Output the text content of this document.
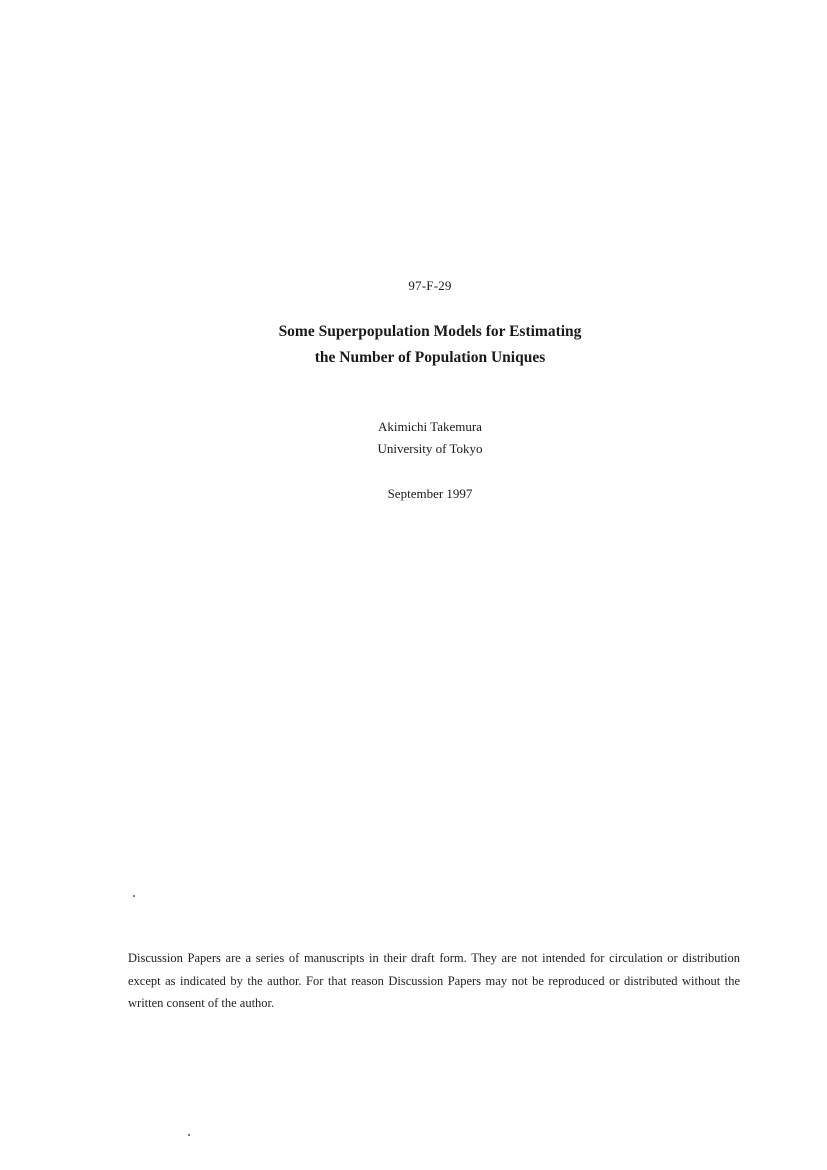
97-F-29
Some Superpopulation Models for Estimating
the Number of Population Uniques
Akimichi Takemura
University of Tokyo
September 1997
Discussion Papers are a series of manuscripts in their draft form. They are not intended for circulation or distribution except as indicated by the author. For that reason Discussion Papers may not be reproduced or distributed without the written consent of the author.
